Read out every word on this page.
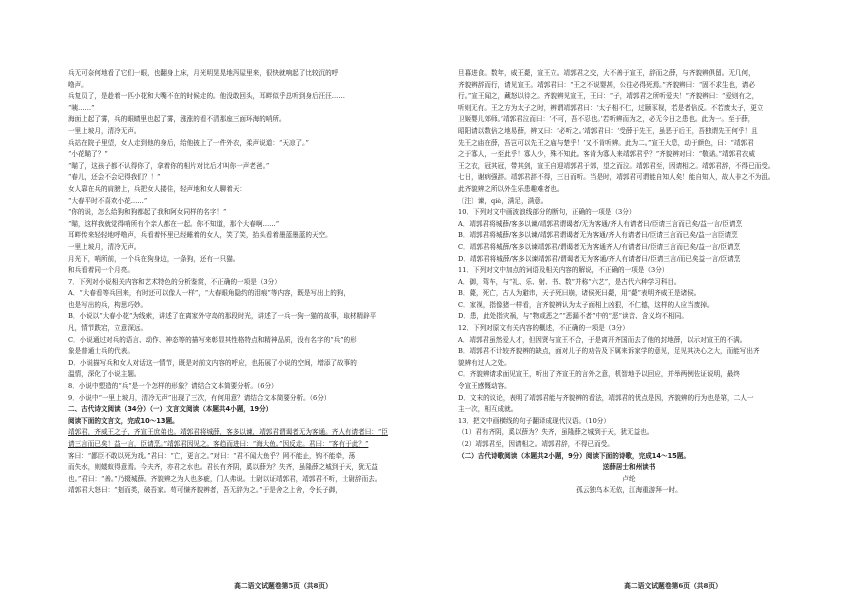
兵无可奈何地看了它们一眼，也翻身上床，月光明晃晃地泻屋里来，很快就响起了比较沉的呼
噜声。
兵复员了，是趁着一匹小花和大嘴不在的时候走的。他没敢回头，耳畔似乎总听到身后汪汪……
“咦……”
海面上起了雾，兵的眼睛里也起了雾，涨涨的看不清那座三面环海的哨所。
一里上坡月，清冷无声。
兵站在院子里望，女人走到他的身后，给他披上了一件外衣，柔声说道：“天凉了。”
“小花瞄了？”
“瞄了，这孩子都不认得你了，拿着你的相片对比后才叫你一声老爸。”
“春儿，还会不会记得我们？！”
女人靠在兵的肩膀上，兵把女人搂住，轻声地和女人聊着天：
“大春平时不喜欢小花……”
“你的说，怎么给狗和狗都起了我和阿女同样的名字！”
“瞄，这样我就觉得哨所有个亲人都在一起。你不知道，那个大春啊……”
耳畔传来轻轻地呼噜声，兵看着怀里已经睡着的女人，笑了笑，抬头看着墨蓝墨蓝的天空。
一里上坡月，清冷无声。
月光下，哨所前，一个兵在狗身边，一条狗，还有一只猫。
和兵看着同一个月亮。
7．下列对小说相关内容和艺术特色的分析鉴赏，不正确的一项是（3分）
A．“大春看等兵回来，有时还可以像人一样”，“大春眼角隐约的泪痕”等内容，既是写出上的狗，
也是写出的兵，构思巧妙。
B．小说以“大春小花”为线索，讲述了在离家外守岛的那段时光，讲述了一兵一狗一猫的故事，取材精辟平
凡，情节跌宕，立意深远。
C．小说通过对兵的语言、动作、神态等的描写来彰显其性格特点和精神品质，没有名字的“兵”的形
象是普通士兵的代表。
D．小说描写兵和女人对话这一情节，既是对前文内容的呼应，也拓展了小说的空间，增添了故事的
温情，深化了小说主题。
8．小说中塑造的“兵”是一个怎样的形象？请结合文本简要分析。（6分）
9．小说中“一里上坡月，清冷无声”出现了三次，有何用意？请结合文本简要分析。（6分）
二、古代诗文阅读（34分）（一）文言文阅读（本题共4小题，19分）
阅读下面的文言文，完成10～13题。
靖郭君，齐威王之子，齐宣王庶弟也。靖郭君将城薛，客多以谏，靖郭君谓谒者无为客通。齐人有请者曰：“臣
请三言而已矣！益一言，臣请烹。”靖郭君因见之。客趋而进曰：“海大鱼。”因反走。君曰：“客有于此？”
客曰：“鄙臣不敢以死为戏。”君曰：“亡，更言之。”对曰：“君不闻大鱼乎？网不能止，钩不能牵，荡
而失水，则蝼蚁得意焉。今夫齐，亦君之水也。君长有齐阴，奚以薛为？失齐，虽隆薛之城到于天，犹无益
也。”君曰：“善。”乃辍城薛。齐貌辨之为人也多疵，门人弗说。士尉以证靖郭君，靖郭君不听，士尉辞而去。
靖郭君大怒曰：“刬而类，破吾家。苟可慊齐貌辨者，吾无辞为之。”于是舍之上舍，令长子御，
高二语文试题卷第5页（共8页）
旦暮进食。数年，威王薨，宣王立。靖郭君之交，大不善于宣王，辞而之薛，与齐貌辨俱留。无几何，
齐貌辨辞而行，请见宣王。靖郭君曰：“王之不说婴甚，公往必得死焉。”齐貌辨曰：“固不求生也，请必
行。”宣王闻之，藏怒以待之。齐貌辨见宣王，王曰：“子，靖郭君之所听爱夫！”齐貌辨曰：“爱则有之，
听则无有。王之方为太子之时，辨谓靖郭君曰：‘太子相不仁，过颐豕视，若是者倍反。不若废太子，更立
卫姬婴儿郊师。’靖郭君泣而曰：‘不可，吾不忍也。’若听辨而为之，必无今日之患也。此为一。至于薛，
昭阳请以数倍之地易薛，辨又曰：‘必听之。’靖郭君曰：‘受薛于先王，虽恶于后王，吾独谓先王何乎！且
先王之庙在薛，吾岂可以先王之庙与楚乎！’又不肯听辨。此为二。”宣王大息，动于颜色，曰：“靖郭君
之于寡人，一至此乎！寡人少，殊不知此。客肯为寡人来靖郭君乎？”齐貌辨对曰：“敬诺。”靖郭君衣威
王之衣，冠其冠，带其剑，宣王自迎靖郭君于郊，望之而泣。靖郭君至，因请相之。靖郭君辞，不得已而受。
七日，谢病强辞。靖郭君辞不得，三日而听。当是时，靖郭君可谓能自知人矣！能自知人，故人非之不为沮。
此齐貌辨之所以外生乐患趣难者也。
〔注〕谏，qiè，满足，满意。
10．下列对文中画波浪线部分的断句，正确的一项是（3分）
A．靖郭君将城薛/客多以谏/靖郭君谓谒者/无为客通/齐人有请者曰/臣请三言而已矣/益一言/臣请烹
B．靖郭君将城薛/客多以谏/靖郭君谓谒者无为客通/齐人有请者曰/臣请三言而已矣/益一言臣请烹
C．靖郭君将城薛/客多以谏靖郭君/谓谒者无为客通齐人/有请者曰/臣请三言而已矣/益一言/臣请烹
D．靖郭君将城薛/客多以谏靖郭君/谓谒者无为客通/齐人有请者曰/臣请三言/而已矣益一言/臣请烹
11．下列对文中加点的词语及相关内容的解说，不正确的一项是（3分）
A．御，驾车，与“礼、乐、射、书、数”并称“六艺”，是古代六种学习科目。
B．薨，死亡，古人为避讳，天子死曰崩，诸侯死曰薨，用“薨”表明齐威王是诸侯。
C．家视，指像猪一样看，言齐貌辨认为太子面相上凶狠，不仁德，这样的人应当废掉。
D．患，此处指灾祸，与“物或恶之”“恶漏不者”中的“恶”读音、含义均不相同。
12．下列对原文有关内容的概述，不正确的一项是（3分）
A．靖郭君虽然爱人才，但因贤与宣王不合，于是离开齐国而去了他的封地薛，以示对宣王的不满。
B．靖郭君不计较齐貌辨的缺点，面对儿子的劝告及下属来诉家学的意见，足见其决心之大，而能写出齐
貌辨有过人之处。
C．齐貌辨请求面见宣王，听出了齐宣王的言外之意，机智地予以回应，并举两例佐证说明，最终
令宣王感慨动容。
D．文末的议论，表明了靖郭君能与齐貌辨的看法，靖郭君的优点是因，齐貌辨的行为也是第，二人一
主一次，相互成就。
13．把文中画横线的句子翻译成现代汉语。（10分）
（1）君有齐阴，奚以薛为？失齐，虽隆薛之城到于天，犹无益也。
（2）靖郭君至，因请相之。靖郭君辞，不得已而受。
（二）古代诗歌阅读（本题共2小题，9分）阅读下面的诗歌，完成14～15题。
送薛居士和州读书
卢纶
孤云独鸟本无依，江海重游拜一时。
高二语文试题卷第6页（共8页）
